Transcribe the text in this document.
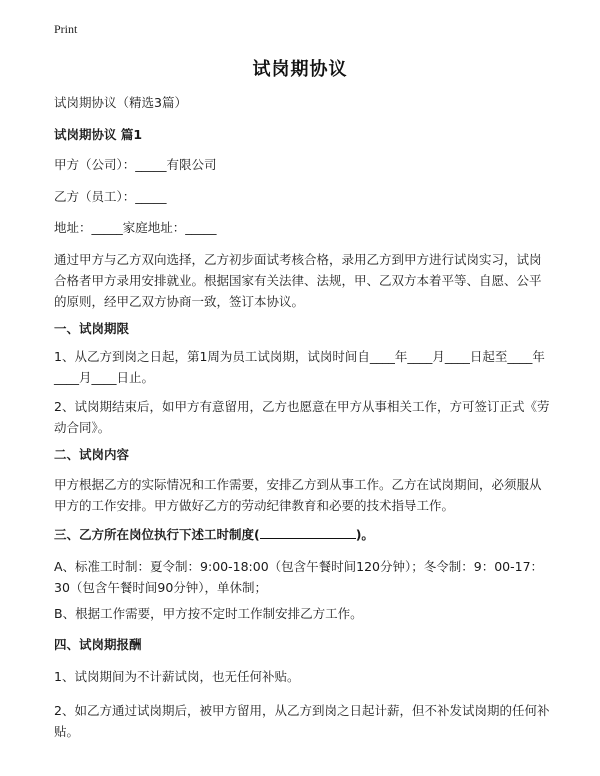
Print
试岗期协议
试岗期协议（精选3篇）
试岗期协议 篇1
甲方（公司）：_____有限公司
乙方（员工）：_____
地址：_____家庭地址：_____
通过甲方与乙方双向选择，乙方初步面试考核合格，录用乙方到甲方进行试岗实习，试岗合格者甲方录用安排就业。根据国家有关法律、法规，甲、乙双方本着平等、自愿、公平的原则，经甲乙双方协商一致，签订本协议。
一、试岗期限
1、从乙方到岗之日起，第1周为员工试岗期，试岗时间自____年____月____日起至____年____月____日止。
2、试岗期结束后，如甲方有意留用，乙方也愿意在甲方从事相关工作，方可签订正式《劳动合同》。
二、试岗内容
甲方根据乙方的实际情况和工作需要，安排乙方到从事工作。乙方在试岗期间，必须服从甲方的工作安排。甲方做好乙方的劳动纪律教育和必要的技术指导工作。
三、乙方所在岗位执行下述工时制度(	)。
A、标准工时制：夏令制：9:00-18:00（包含午餐时间120分钟）；冬令制：9：00-17：30（包含午餐时间90分钟），单休制；
B、根据工作需要，甲方按不定时工作制安排乙方工作。
四、试岗期报酬
1、试岗期间为不计薪试岗，也无任何补贴。
2、如乙方通过试岗期后，被甲方留用，从乙方到岗之日起计薪，但不补发试岗期的任何补贴。
